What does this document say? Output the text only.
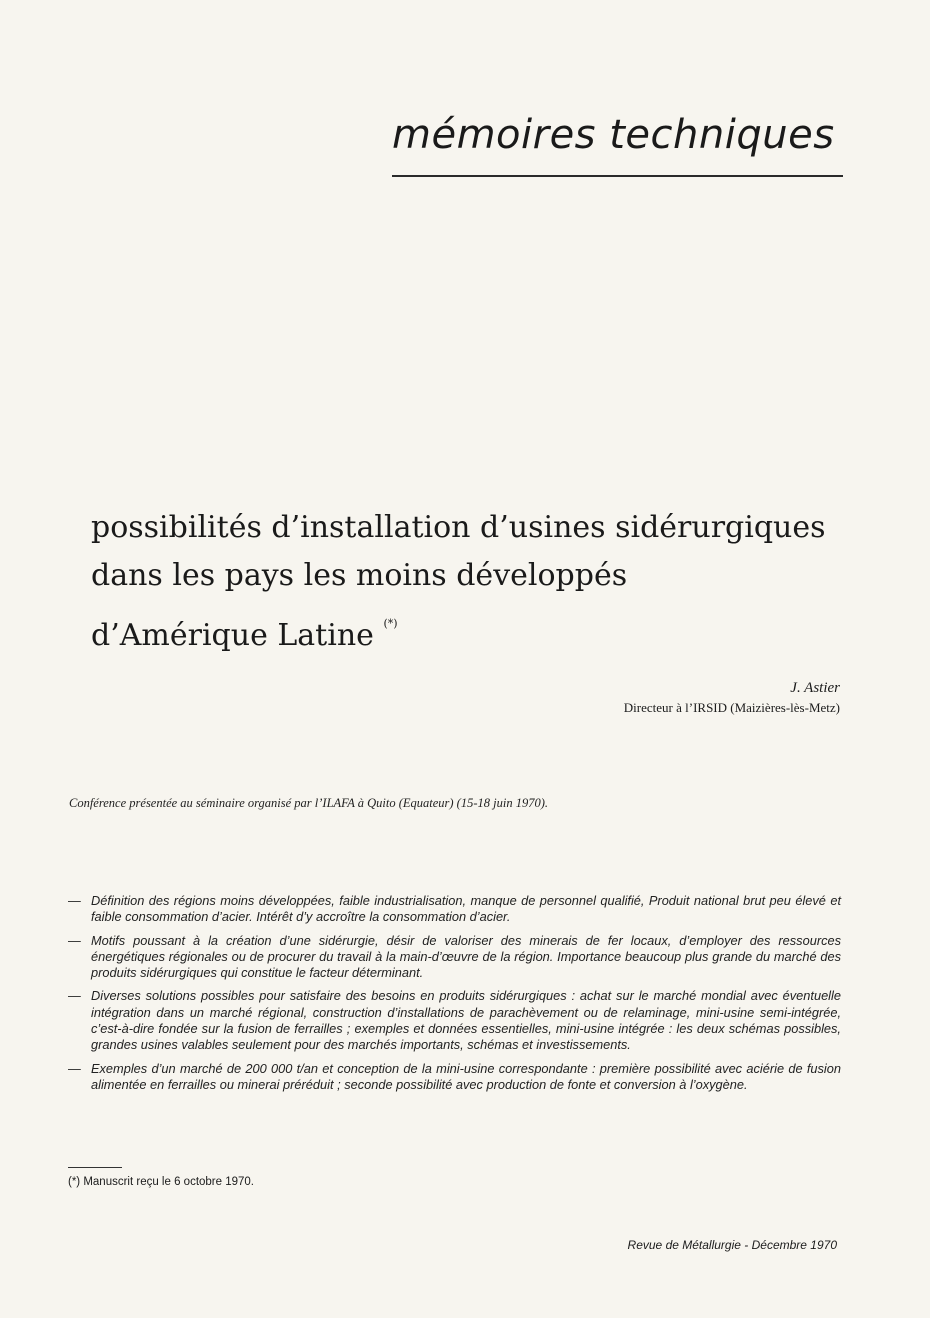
mémoires techniques
possibilités d’installation d’usines sidérurgiques
dans les pays les moins développés
d’Amérique Latine (*)
J. Astier
Directeur à l’IRSID (Maizières-lès-Metz)
Conférence présentée au séminaire organisé par l’ILAFA à Quito (Equateur) (15-18 juin 1970).

— Définition des régions moins développées, faible industrialisation, manque de personnel qualifié, Produit national brut peu élevé et faible consommation d’acier. Intérêt d’y accroître la consommation d’acier.

— Motifs poussant à la création d’une sidérurgie, désir de valoriser des minerais de fer locaux, d’employer des ressources énergétiques régionales ou de procurer du travail à la main-d’œuvre de la région. Importance beaucoup plus grande du marché des produits sidérurgiques qui constitue le facteur déterminant.

— Diverses solutions possibles pour satisfaire des besoins en produits sidérurgiques : achat sur le marché mondial avec éventuelle intégration dans un marché régional, construction d’installations de parachèvement ou de relaminage, mini-usine semi-intégrée, c’est-à-dire fondée sur la fusion de ferrailles ; exemples et données essentielles, mini-usine intégrée : les deux schémas possibles, grandes usines valables seulement pour des marchés importants, schémas et investissements.

— Exemples d’un marché de 200 000 t/an et conception de la mini-usine correspondante : première possibilité avec aciérie de fusion alimentée en ferrailles ou minerai préréduit ; seconde possibilité avec production de fonte et conversion à l’oxygène.

(*) Manuscrit reçu le 6 octobre 1970.
Revue de Métallurgie - Décembre 1970
